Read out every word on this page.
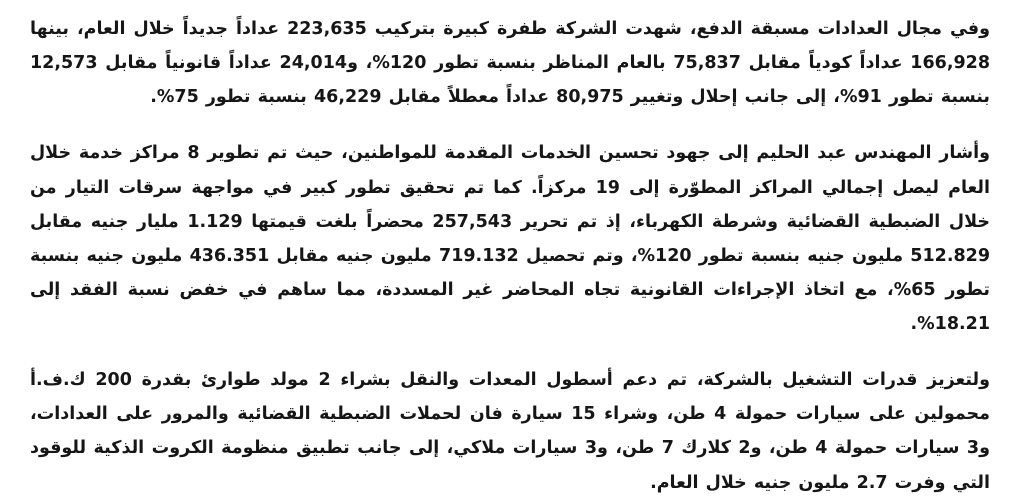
وفي مجال العدادات مسبقة الدفع، شهدت الشركة طفرة كبيرة بتركيب 223,635 عداداً جديداً خلال العام، بينها 166,928 عداداً كودياً مقابل 75,837 بالعام المناظر بنسبة تطور 120%، و24,014 عداداً قانونياً مقابل 12,573 بنسبة تطور 91%، إلى جانب إحلال وتغيير 80,975 عداداً معطلاً مقابل 46,229 بنسبة تطور 75%.

وأشار المهندس عبد الحليم إلى جهود تحسين الخدمات المقدمة للمواطنين، حيث تم تطوير 8 مراكز خدمة خلال العام ليصل إجمالي المراكز المطوّرة إلى 19 مركزاً. كما تم تحقيق تطور كبير في مواجهة سرقات التيار من خلال الضبطية القضائية وشرطة الكهرباء، إذ تم تحرير 257,543 محضراً بلغت قيمتها 1.129 مليار جنيه مقابل 512.829 مليون جنيه بنسبة تطور 120%، وتم تحصيل 719.132 مليون جنيه مقابل 436.351 مليون جنيه بنسبة تطور 65%، مع اتخاذ الإجراءات القانونية تجاه المحاضر غير المسددة، مما ساهم في خفض نسبة الفقد إلى 18.21%.

ولتعزيز قدرات التشغيل بالشركة، تم دعم أسطول المعدات والنقل بشراء 2 مولد طوارئ بقدرة 200 ك.ف.أ محمولين على سيارات حمولة 4 طن، وشراء 15 سيارة فان لحملات الضبطية القضائية والمرور على العدادات، و3 سيارات حمولة 4 طن، و2 كلارك 7 طن، و3 سيارات ملاكي، إلى جانب تطبيق منظومة الكروت الذكية للوقود التي وفرت 2.7 مليون جنيه خلال العام.
